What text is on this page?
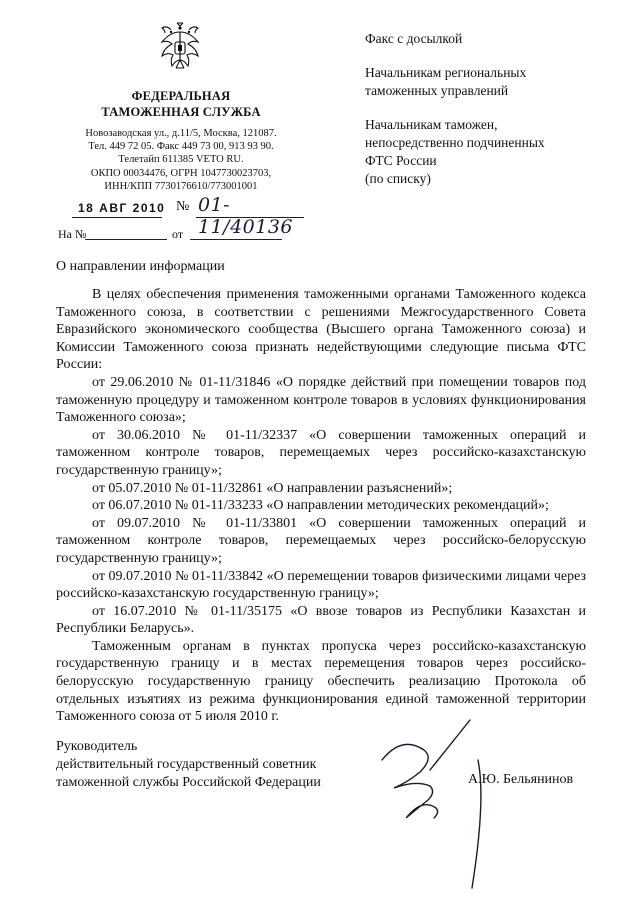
ФЕДЕРАЛЬНАЯ
ТАМОЖЕННАЯ СЛУЖБА
Новозаводская ул., д.11/5, Москва, 121087.
Тел. 449 72 05. Факс 449 73 00, 913 93 90.
Телетайп 611385 VETO RU.
ОКПО 00034476, ОГРН 1047730023703,
ИНН/КПП 7730176610/773001001
18 АВГ 2010 № 01-11/40136
На №	от
Факс с досылкой
Начальникам региональных
таможенных управлений
Начальникам таможен,
непосредственно подчиненных
ФТС России
(по списку)
О направлении информации

В целях обеспечения применения таможенными органами Таможенного кодекса Таможенного союза, в соответствии с решениями Межгосударственного Совета Евразийского экономического сообщества (Высшего органа Таможенного союза) и Комиссии Таможенного союза признать недействующими следующие письма ФТС России:

от 29.06.2010 № 01-11/31846 «О порядке действий при помещении товаров под таможенную процедуру и таможенном контроле товаров в условиях функционирования Таможенного союза»;

от 30.06.2010 № 01-11/32337 «О совершении таможенных операций и таможенном контроле товаров, перемещаемых через российско-казахстанскую государственную границу»;

от 05.07.2010 № 01-11/32861 «О направлении разъяснений»;

от 06.07.2010 № 01-11/33233 «О направлении методических рекомендаций»;

от 09.07.2010 № 01-11/33801 «О совершении таможенных операций и таможенном контроле товаров, перемещаемых через российско-белорусскую государственную границу»;

от 09.07.2010 № 01-11/33842 «О перемещении товаров физическими лицами через российско-казахстанскую государственную границу»;

от 16.07.2010 № 01-11/35175 «О ввозе товаров из Республики Казахстан и Республики Беларусь».

Таможенным органам в пунктах пропуска через российско-казахстанскую государственную границу и в местах перемещения товаров через российско-белорусскую государственную границу обеспечить реализацию Протокола об отдельных изъятиях из режима функционирования единой таможенной территории Таможенного союза от 5 июля 2010 г.

Руководитель
действительный государственный советник
таможенной службы Российской Федерации	А.Ю. Бельянинов
